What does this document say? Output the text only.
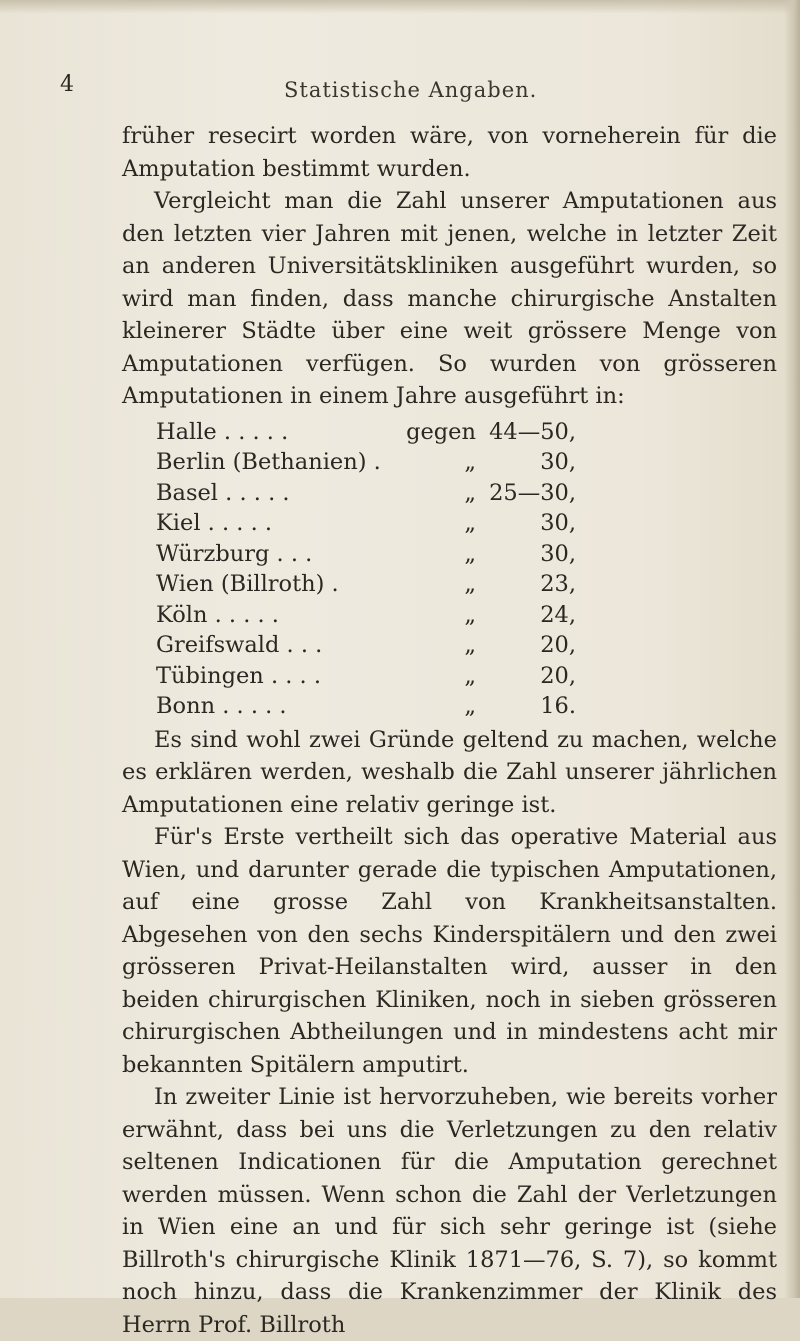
4	Statistische Angaben.

früher resecirt worden wäre, von vorneherein für die Amputation bestimmt wurden.

Vergleicht man die Zahl unserer Amputationen aus den letzten vier Jahren mit jenen, welche in letzter Zeit an anderen Universitätskliniken ausgeführt wurden, so wird man finden, dass manche chirurgische Anstalten kleinerer Städte über eine weit grössere Menge von Amputationen verfügen. So wurden von grösseren Amputationen in einem Jahre ausgeführt in:

Halle . . . . .	gegen 44—50,
Berlin (Bethanien) .	„	30,
Basel . . . . .	„ 25—30,
Kiel . . . . .	„	30,
Würzburg . . .	„	30,
Wien (Billroth) .	„	23,
Köln . . . . .	„	24,
Greifswald . . .	„	20,
Tübingen . . . .	„	20,
Bonn . . . . .	„	16.

Es sind wohl zwei Gründe geltend zu machen, welche es erklären werden, weshalb die Zahl unserer jährlichen Amputationen eine relativ geringe ist.

Für's Erste vertheilt sich das operative Material aus Wien, und darunter gerade die typischen Amputationen, auf eine grosse Zahl von Krankheitsanstalten. Abgesehen von den sechs Kinderspitälern und den zwei grösseren Privat-Heilanstalten wird, ausser in den beiden chirurgischen Kliniken, noch in sieben grösseren chirurgischen Abtheilungen und in mindestens acht mir bekannten Spitälern amputirt.

In zweiter Linie ist hervorzuheben, wie bereits vorher erwähnt, dass bei uns die Verletzungen zu den relativ seltenen Indicationen für die Amputation gerechnet werden müssen. Wenn schon die Zahl der Verletzungen in Wien eine an und für sich sehr geringe ist (siehe Billroth's chirurgische Klinik 1871—76, S. 7), so kommt noch hinzu, dass die Krankenzimmer der Klinik des Herrn Prof. Billroth
